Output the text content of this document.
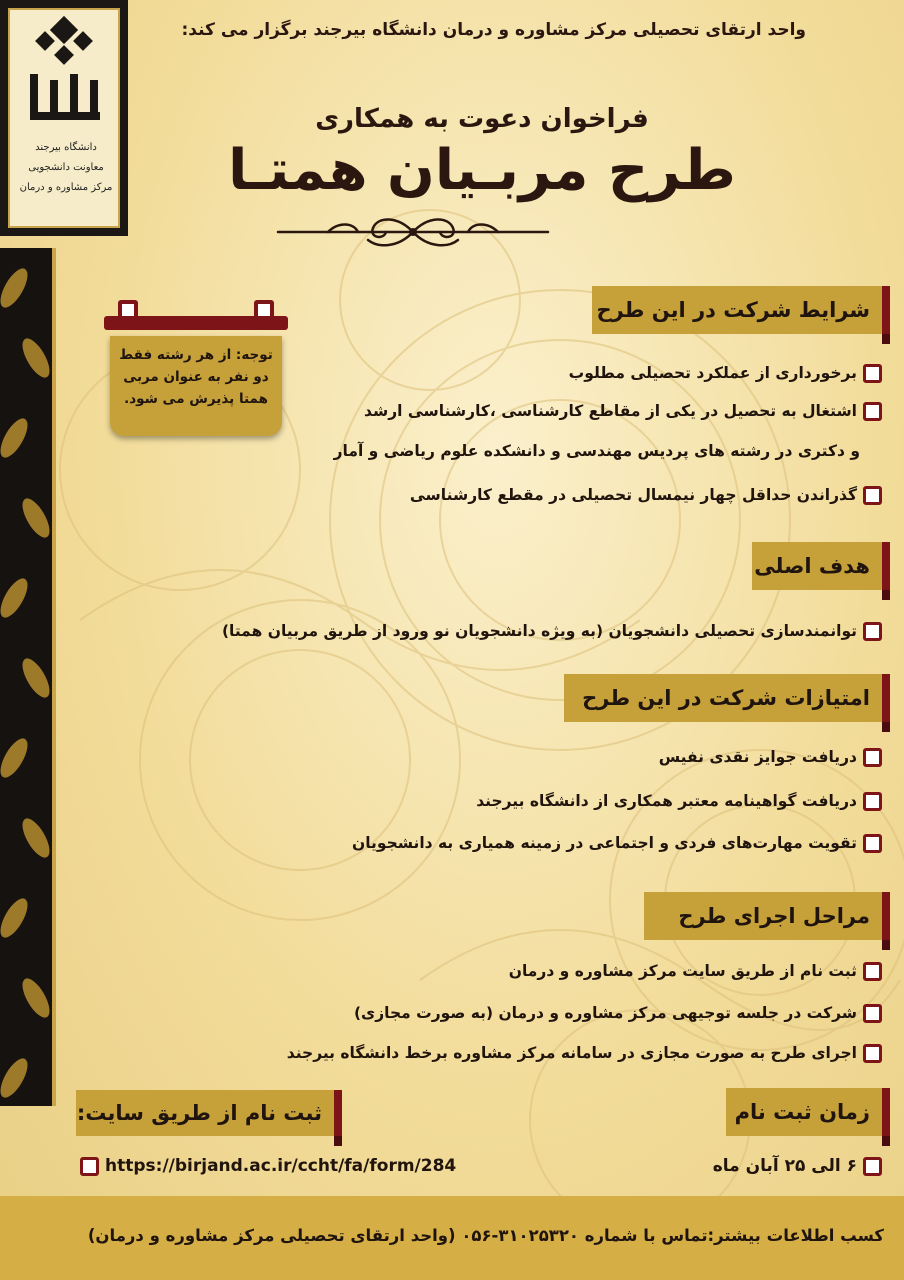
دانشگاه بیرجند
معاونت دانشجویی
مرکز مشاوره و درمان
واحد ارتقای تحصیلی مرکز مشاوره و درمان دانشگاه بیرجند برگزار می کند:
فراخوان دعوت به همکاری
طرح مربـیان همتـا
توجه: از هر رشته فقط
دو نفر به عنوان مربی
همتا پذیرش می شود.
شرایط شرکت در این طرح
برخورداری از عملکرد تحصیلی مطلوب
اشتغال به تحصیل در یکی از مقاطع کارشناسی ،کارشناسی ارشد
و دکتری در رشته های پردیس مهندسی و دانشکده علوم ریاضی و آمار
گذراندن حداقل چهار نیمسال تحصیلی در مقطع کارشناسی
هدف اصلی
توانمندسازی تحصیلی دانشجویان (به ویژه دانشجویان نو ورود از طریق مربیان همتا)
امتیازات شرکت در این طرح
دریافت جوایز نقدی نفیس
دریافت گواهینامه معتبر همکاری از دانشگاه بیرجند
تقویت مهارت‌های فردی و اجتماعی در زمینه همیاری به دانشجویان
مراحل اجرای طرح
ثبت نام از طریق سایت مرکز مشاوره و درمان
شرکت در جلسه توجیهی مرکز مشاوره و درمان (به صورت مجازی)
اجرای طرح به صورت مجازی در سامانه مرکز مشاوره برخط دانشگاه بیرجند
ثبت نام از طریق سایت:
https://birjand.ac.ir/ccht/fa/form/284
زمان ثبت نام
۶ الی ۲۵ آبان ماه
کسب اطلاعات بیشتر:تماس با شماره ۳۱۰۲۵۳۲۰-۰۵۶ (واحد ارتقای تحصیلی مرکز مشاوره و درمان)
